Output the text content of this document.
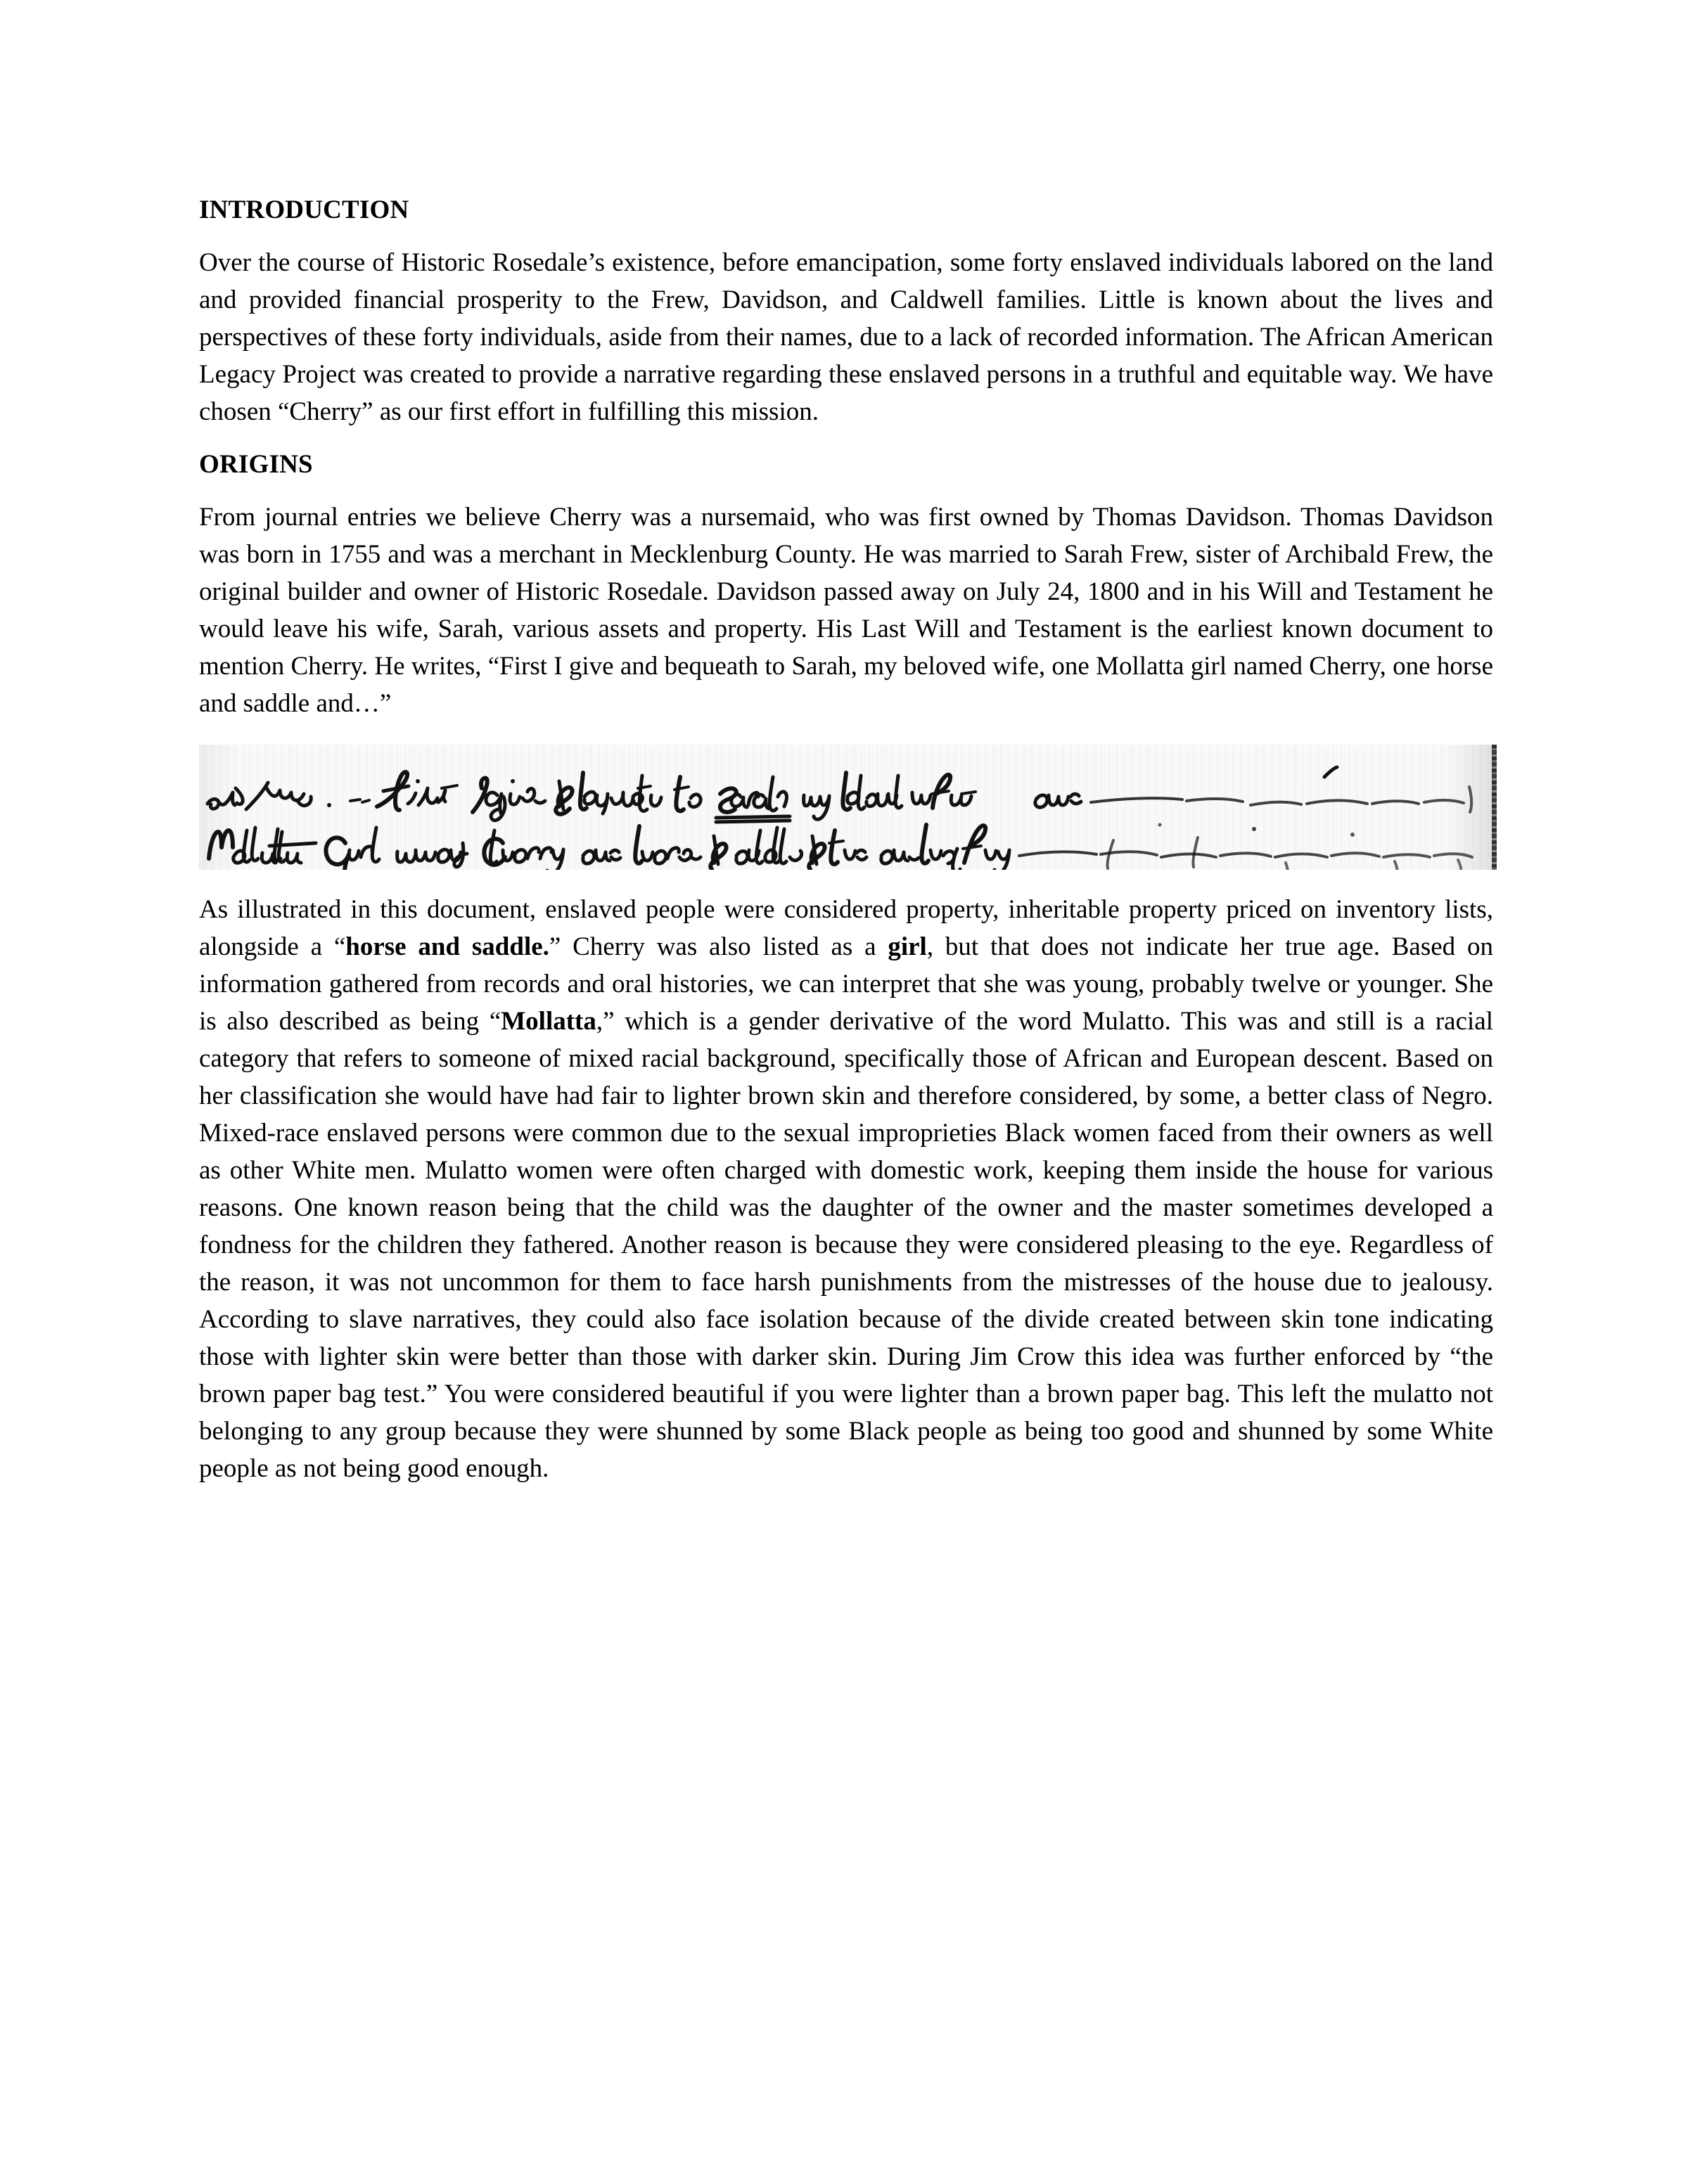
INTRODUCTION

Over the course of Historic Rosedale’s existence, before emancipation, some forty enslaved individuals labored on the land and provided financial prosperity to the Frew, Davidson, and Caldwell families. Little is known about the lives and perspectives of these forty individuals, aside from their names, due to a lack of recorded information. The African American Legacy Project was created to provide a narrative regarding these enslaved persons in a truthful and equitable way. We have chosen “Cherry” as our first effort in fulfilling this mission.

ORIGINS

From journal entries we believe Cherry was a nursemaid, who was first owned by Thomas Davidson. Thomas Davidson was born in 1755 and was a merchant in Mecklenburg County. He was married to Sarah Frew, sister of Archibald Frew, the original builder and owner of Historic Rosedale. Davidson passed away on July 24, 1800 and in his Will and Testament he would leave his wife, Sarah, various assets and property. His Last Will and Testament is the earliest known document to mention Cherry. He writes, “First I give and bequeath to Sarah, my beloved wife, one Mollatta girl named Cherry, one horse and saddle and…”

As illustrated in this document, enslaved people were considered property, inheritable property priced on inventory lists, alongside a “horse and saddle.” Cherry was also listed as a girl, but that does not indicate her true age. Based on information gathered from records and oral histories, we can interpret that she was young, probably twelve or younger. She is also described as being “Mollatta,” which is a gender derivative of the word Mulatto. This was and still is a racial category that refers to someone of mixed racial background, specifically those of African and European descent. Based on her classification she would have had fair to lighter brown skin and therefore considered, by some, a better class of Negro. Mixed-race enslaved persons were common due to the sexual improprieties Black women faced from their owners as well as other White men. Mulatto women were often charged with domestic work, keeping them inside the house for various reasons. One known reason being that the child was the daughter of the owner and the master sometimes developed a fondness for the children they fathered. Another reason is because they were considered pleasing to the eye. Regardless of the reason, it was not uncommon for them to face harsh punishments from the mistresses of the house due to jealousy. According to slave narratives, they could also face isolation because of the divide created between skin tone indicating those with lighter skin were better than those with darker skin. During Jim Crow this idea was further enforced by “the brown paper bag test.” You were considered beautiful if you were lighter than a brown paper bag. This left the mulatto not belonging to any group because they were shunned by some Black people as being too good and shunned by some White people as not being good enough.
